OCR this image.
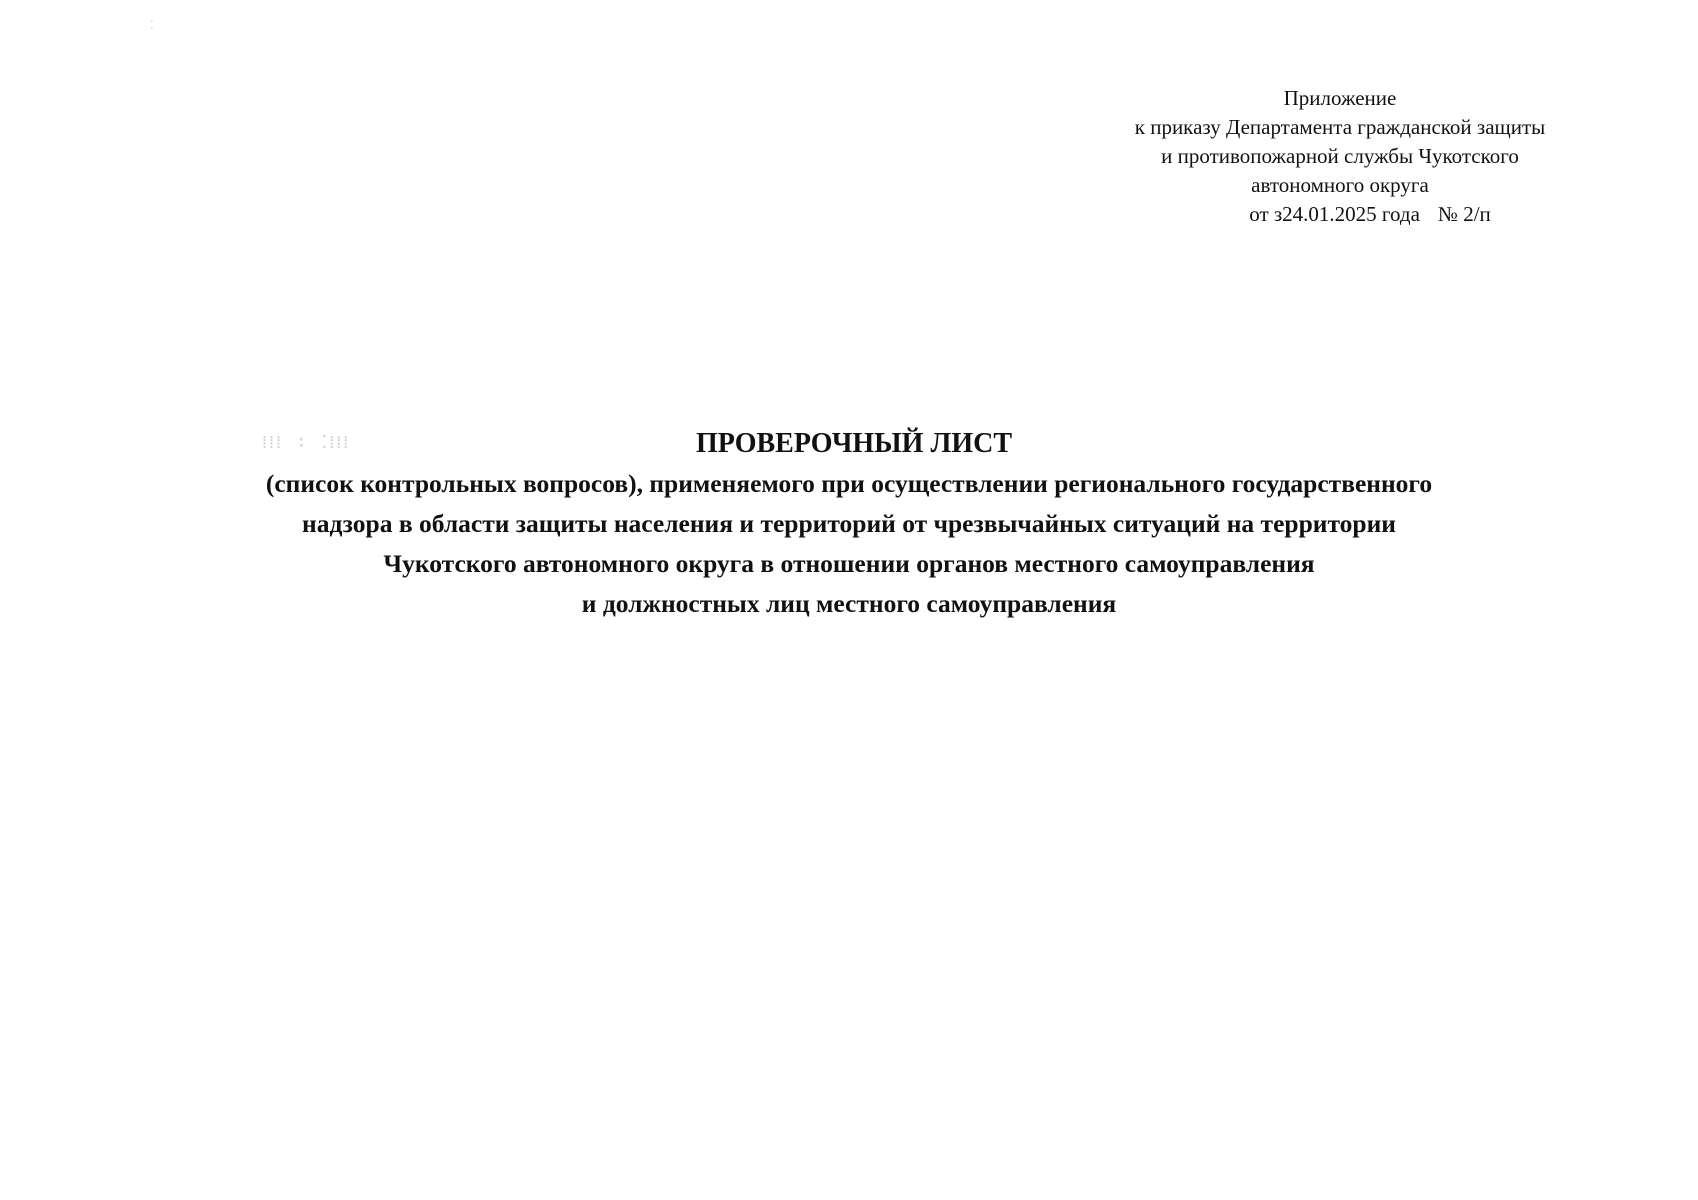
⁞⁞⁞ ∶ ⁚⁞⁞⁞
⁚
Приложение
к приказу Департамента гражданской защиты
и противопожарной службы Чукотского
автономного округа
от з24.01.2025 года № 2/п
ПРОВЕРОЧНЫЙ ЛИСТ
(список контрольных вопросов), применяемого при осуществлении регионального государственного
надзора в области защиты населения и территорий от чрезвычайных ситуаций на территории
Чукотского автономного округа в отношении органов местного самоуправления
и должностных лиц местного самоуправления
